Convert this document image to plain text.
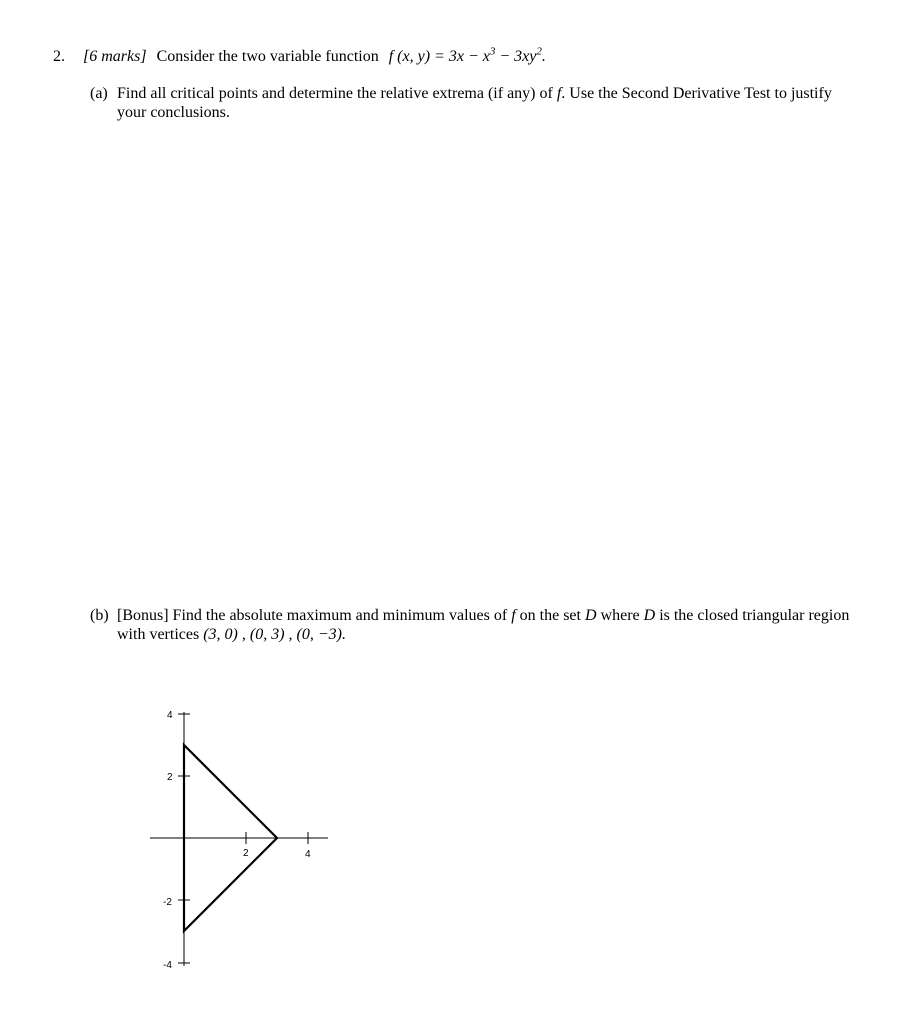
2. [6 marks] Consider the two variable function f (x, $y) = 3x - x^3 - 3xy^2$.
(a) Find all critical points and determine the relative extrema (if any) of f. Use the Second Derivative Test to justify your conclusions.
(b) [Bonus] Find the absolute maximum and minimum values of f on the set D where D is the closed triangular region with vertices (3, 0) , (0, 3) , (0, −3).
2	4
4
2
-2
-4
